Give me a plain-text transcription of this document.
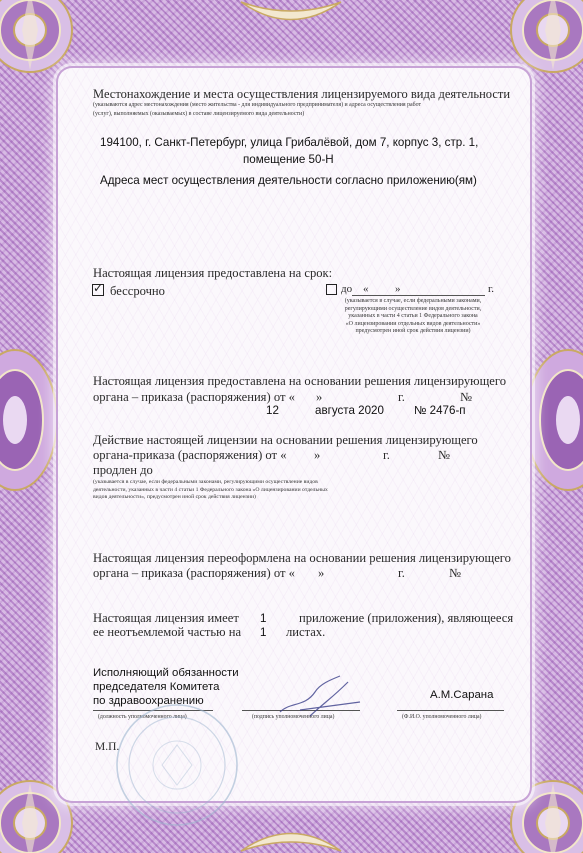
Местонахождение и места осуществления лицензируемого вида деятельности
(указываются адрес местонахождения (место жительства - для индивидуального предпринимателя) и адреса осуществления работ
(услуг), выполняемых (оказываемых) в составе лицензируемого вида деятельности)
194100, г. Санкт-Петербург, улица Грибалёвой, дом 7, корпус 3, стр. 1,
помещение 50-Н
Адреса мест осуществления деятельности согласно приложению(ям)
Настоящая лицензия предоставлена на срок:
✓ бессрочно	до « »	г.
(указывается в случае, если федеральными законами,
регулирующими осуществление видов деятельности,
указанных в части 4 статьи 1 Федерального закона
«О лицензировании отдельных видов деятельности»
предусмотрен иной срок действия лицензии)
Настоящая лицензия предоставлена на основании решения лицензирующего
органа – приказа (распоряжения) от « »	г.	№
12	августа 2020	№ 2476-п
Действие настоящей лицензии на основании решения лицензирующего
органа-приказа (распоряжения) от « »	г.	№
продлен до
(указывается в случае, если федеральными законами, регулирующими осуществление видов
деятельности, указанных в части 4 статьи 1 Федерального закона «О лицензировании отдельных
видов деятельности», предусмотрен иной срок действия лицензии)
Настоящая лицензия переоформлена на основании решения лицензирующего
органа – приказа (распоряжения) от « »	г.	№
Настоящая лицензия имеет 1	приложение (приложения), являющееся
ее неотъемлемой частью на 1 листах.
Исполняющий обязанности
председателя Комитета
по здравоохранению	А.М.Сарана
(должность уполномоченного лица)	(подпись уполномоченного лица)	(Ф.И.О. уполномоченного лица)
М.П.
